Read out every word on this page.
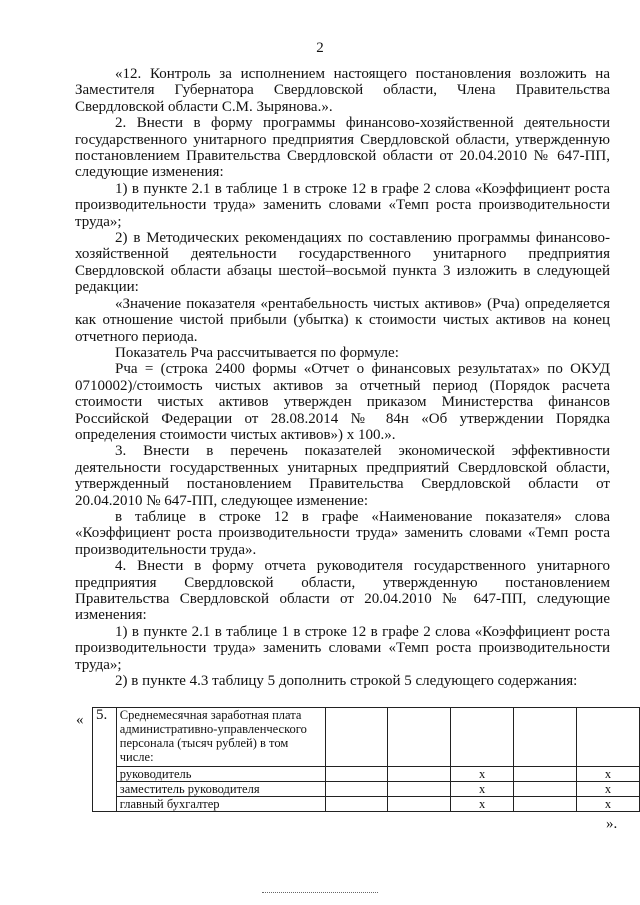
2

«12. Контроль за исполнением настоящего постановления возложить на Заместителя Губернатора Свердловской области, Члена Правительства Свердловской области С.М. Зырянова.».

2. Внести в форму программы финансово-хозяйственной деятельности государственного унитарного предприятия Свердловской области, утвержденную постановлением Правительства Свердловской области от 20.04.2010 № 647-ПП, следующие изменения:

1) в пункте 2.1 в таблице 1 в строке 12 в графе 2 слова «Коэффициент роста производительности труда» заменить словами «Темп роста производительности труда»;

2) в Методических рекомендациях по составлению программы финансово-хозяйственной деятельности государственного унитарного предприятия Свердловской области абзацы шестой–восьмой пункта 3 изложить в следующей редакции:

«Значение показателя «рентабельность чистых активов» (Рча) определяется как отношение чистой прибыли (убытка) к стоимости чистых активов на конец отчетного периода.

Показатель Рча рассчитывается по формуле:

Рча = (строка 2400 формы «Отчет о финансовых результатах» по ОКУД 0710002)/стоимость чистых активов за отчетный период (Порядок расчета стоимости чистых активов утвержден приказом Министерства финансов Российской Федерации от 28.08.2014 № 84н «Об утверждении Порядка определения стоимости чистых активов») x 100.».

3. Внести в перечень показателей экономической эффективности деятельности государственных унитарных предприятий Свердловской области, утвержденный постановлением Правительства Свердловской области от 20.04.2010 № 647-ПП, следующее изменение:

в таблице в строке 12 в графе «Наименование показателя» слова «Коэффициент роста производительности труда» заменить словами «Темп роста производительности труда».

4. Внести в форму отчета руководителя государственного унитарного предприятия Свердловской области, утвержденную постановлением Правительства Свердловской области от 20.04.2010 № 647-ПП, следующие изменения:

1) в пункте 2.1 в таблице 1 в строке 12 в графе 2 слова «Коэффициент роста производительности труда» заменить словами «Темп роста производительности труда»;

2) в пункте 4.3 таблицу 5 дополнить строкой 5 следующего содержания:

« 5.	Среднемесячная заработная плата административно-управленческого персонала (тысяч рублей) в том числе:					
	руководитель			х		х
	заместитель руководителя			х		х
	главный бухгалтер			х		х
».
